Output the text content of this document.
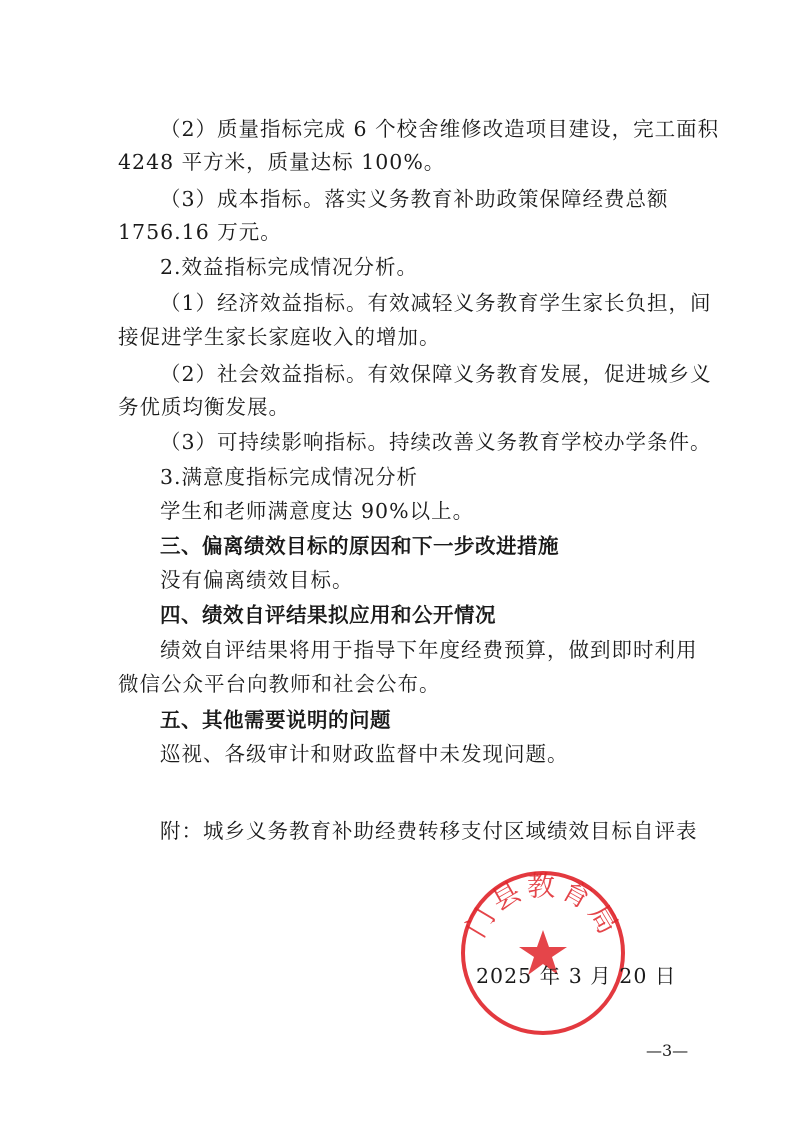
（2）质量指标完成 6 个校舍维修改造项目建设，完工面积
4248 平方米，质量达标 100%。
（3）成本指标。落实义务教育补助政策保障经费总额
1756.16 万元。
2.效益指标完成情况分析。
（1）经济效益指标。有效减轻义务教育学生家长负担，间
接促进学生家长家庭收入的增加。
（2）社会效益指标。有效保障义务教育发展，促进城乡义
务优质均衡发展。
（3）可持续影响指标。持续改善义务教育学校办学条件。
3.满意度指标完成情况分析
学生和老师满意度达 90%以上。
三、偏离绩效目标的原因和下一步改进措施
没有偏离绩效目标。
四、绩效自评结果拟应用和公开情况
绩效自评结果将用于指导下年度经费预算，做到即时利用
微信公众平台向教师和社会公布。
五、其他需要说明的问题
巡视、各级审计和财政监督中未发现问题。
附：城乡义务教育补助经费转移支付区域绩效目标自评表
门县教育局
2025 年 3 月 20 日
—3—
